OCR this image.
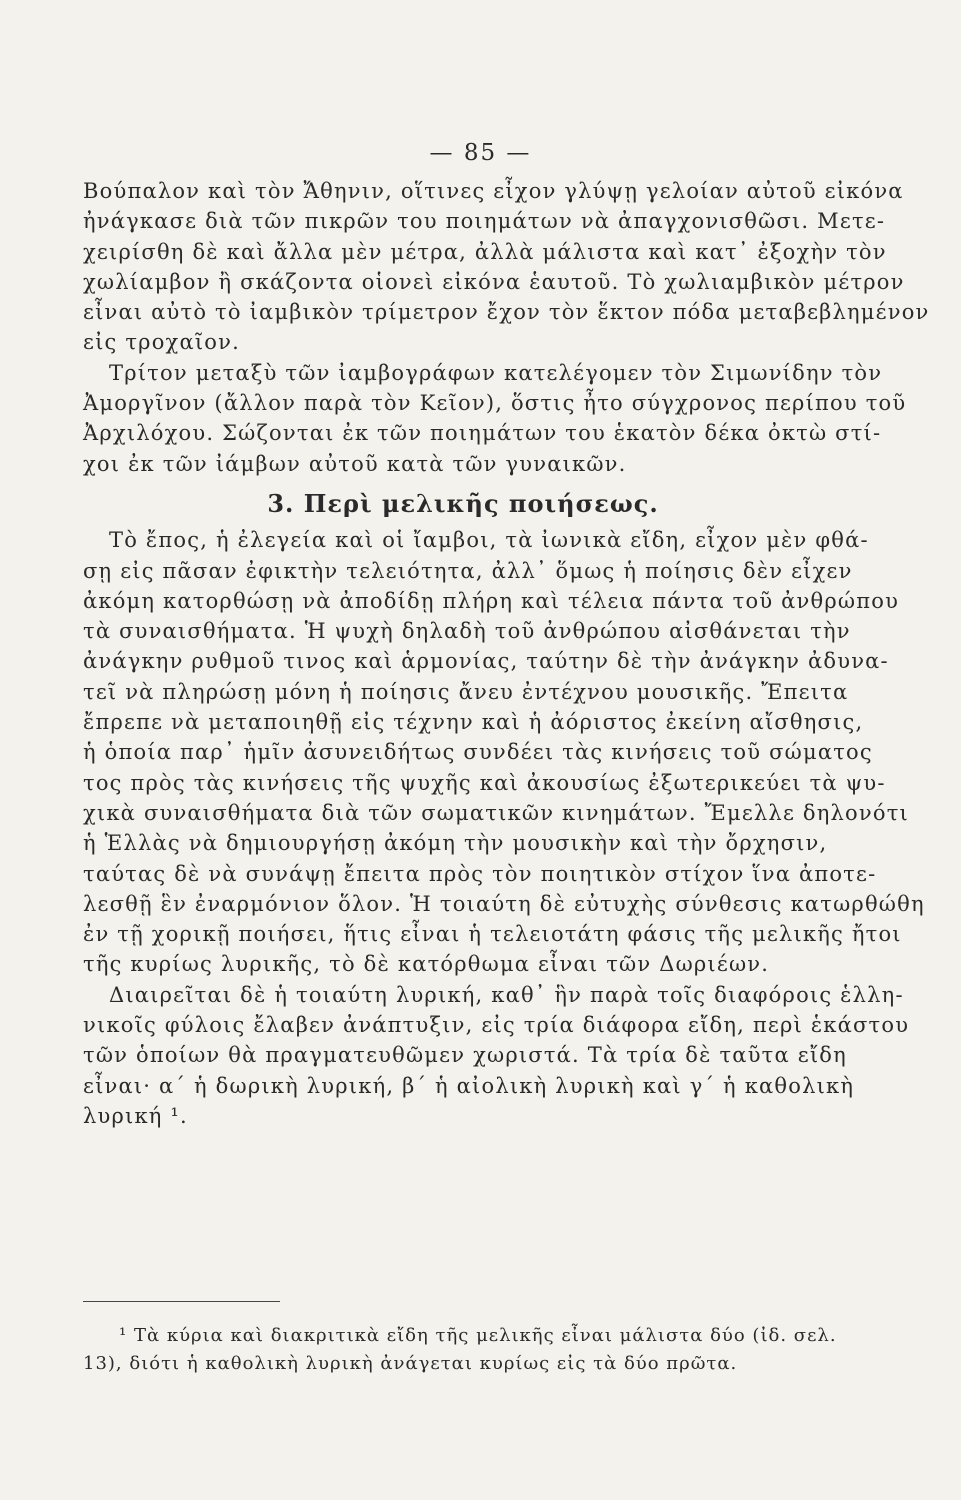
— 85 —
Βούπαλον καὶ τὸν Ἄθηνιν, οἵτινες εἶχον γλύψῃ γελοίαν αὐτοῦ εἰκόνα
ἠνάγκασε διὰ τῶν πικρῶν του ποιημάτων νὰ ἀπαγχονισθῶσι. Μετε-
χειρίσθη δὲ καὶ ἄλλα μὲν μέτρα, ἀλλὰ μάλιστα καὶ κατ᾽ ἐξοχὴν τὸν
χωλίαμβον ἢ σκάζοντα οἱονεὶ εἰκόνα ἑαυτοῦ. Τὸ χωλιαμβικὸν μέτρον
εἶναι αὐτὸ τὸ ἰαμβικὸν τρίμετρον ἔχον τὸν ἕκτον πόδα μεταβεβλημένον
εἰς τροχαῖον.
Τρίτον μεταξὺ τῶν ἰαμβογράφων κατελέγομεν τὸν Σιμωνίδην τὸν
Ἀμοργῖνον (ἄλλον παρὰ τὸν Κεῖον), ὅστις ἦτο σύγχρονος περίπου τοῦ
Ἀρχιλόχου. Σώζονται ἐκ τῶν ποιημάτων του ἑκατὸν δέκα ὀκτὼ στί-
χοι ἐκ τῶν ἰάμβων αὐτοῦ κατὰ τῶν γυναικῶν.
3. Περὶ μελικῆς ποιήσεως.
Τὸ ἔπος, ἡ ἐλεγεία καὶ οἱ ἴαμβοι, τὰ ἰωνικὰ εἴδη, εἶχον μὲν φθά-
σῃ εἰς πᾶσαν ἐφικτὴν τελειότητα, ἀλλ᾽ ὅμως ἡ ποίησις δὲν εἶχεν
ἀκόμη κατορθώσῃ νὰ ἀποδίδῃ πλήρη καὶ τέλεια πάντα τοῦ ἀνθρώπου
τὰ συναισθήματα. Ἡ ψυχὴ δηλαδὴ τοῦ ἀνθρώπου αἰσθάνεται τὴν
ἀνάγκην ρυθμοῦ τινος καὶ ἁρμονίας, ταύτην δὲ τὴν ἀνάγκην ἀδυνα-
τεῖ νὰ πληρώσῃ μόνη ἡ ποίησις ἄνευ ἐντέχνου μουσικῆς. Ἔπειτα
ἔπρεπε νὰ μεταποιηθῇ εἰς τέχνην καὶ ἡ ἀόριστος ἐκείνη αἴσθησις,
ἡ ὁποία παρ᾽ ἡμῖν ἀσυνειδήτως συνδέει τὰς κινήσεις τοῦ σώματος
τος πρὸς τὰς κινήσεις τῆς ψυχῆς καὶ ἀκουσίως ἐξωτερικεύει τὰ ψυ-
χικὰ συναισθήματα διὰ τῶν σωματικῶν κινημάτων. Ἔμελλε δηλονότι
ἡ Ἑλλὰς νὰ δημιουργήσῃ ἀκόμη τὴν μουσικὴν καὶ τὴν ὄρχησιν,
ταύτας δὲ νὰ συνάψῃ ἔπειτα πρὸς τὸν ποιητικὸν στίχον ἵνα ἀποτε-
λεσθῇ ἓν ἐναρμόνιον ὅλον. Ἡ τοιαύτη δὲ εὐτυχὴς σύνθεσις κατωρθώθη
ἐν τῇ χορικῇ ποιήσει, ἥτις εἶναι ἡ τελειοτάτη φάσις τῆς μελικῆς ἤτοι
τῆς κυρίως λυρικῆς, τὸ δὲ κατόρθωμα εἶναι τῶν Δωριέων.
Διαιρεῖται δὲ ἡ τοιαύτη λυρική, καθ᾽ ἣν παρὰ τοῖς διαφόροις ἑλλη-
νικοῖς φύλοις ἔλαβεν ἀνάπτυξιν, εἰς τρία διάφορα εἴδη, περὶ ἑκάστου
τῶν ὁποίων θὰ πραγματευθῶμεν χωριστά. Τὰ τρία δὲ ταῦτα εἴδη
εἶναι· α´ ἡ δωρικὴ λυρική, β´ ἡ αἰολικὴ λυρικὴ καὶ γ´ ἡ καθολικὴ
λυρική ¹.
¹ Τὰ κύρια καὶ διακριτικὰ εἴδη τῆς μελικῆς εἶναι μάλιστα δύο (ἰδ. σελ.
13), διότι ἡ καθολικὴ λυρικὴ ἀνάγεται κυρίως εἰς τὰ δύο πρῶτα.
